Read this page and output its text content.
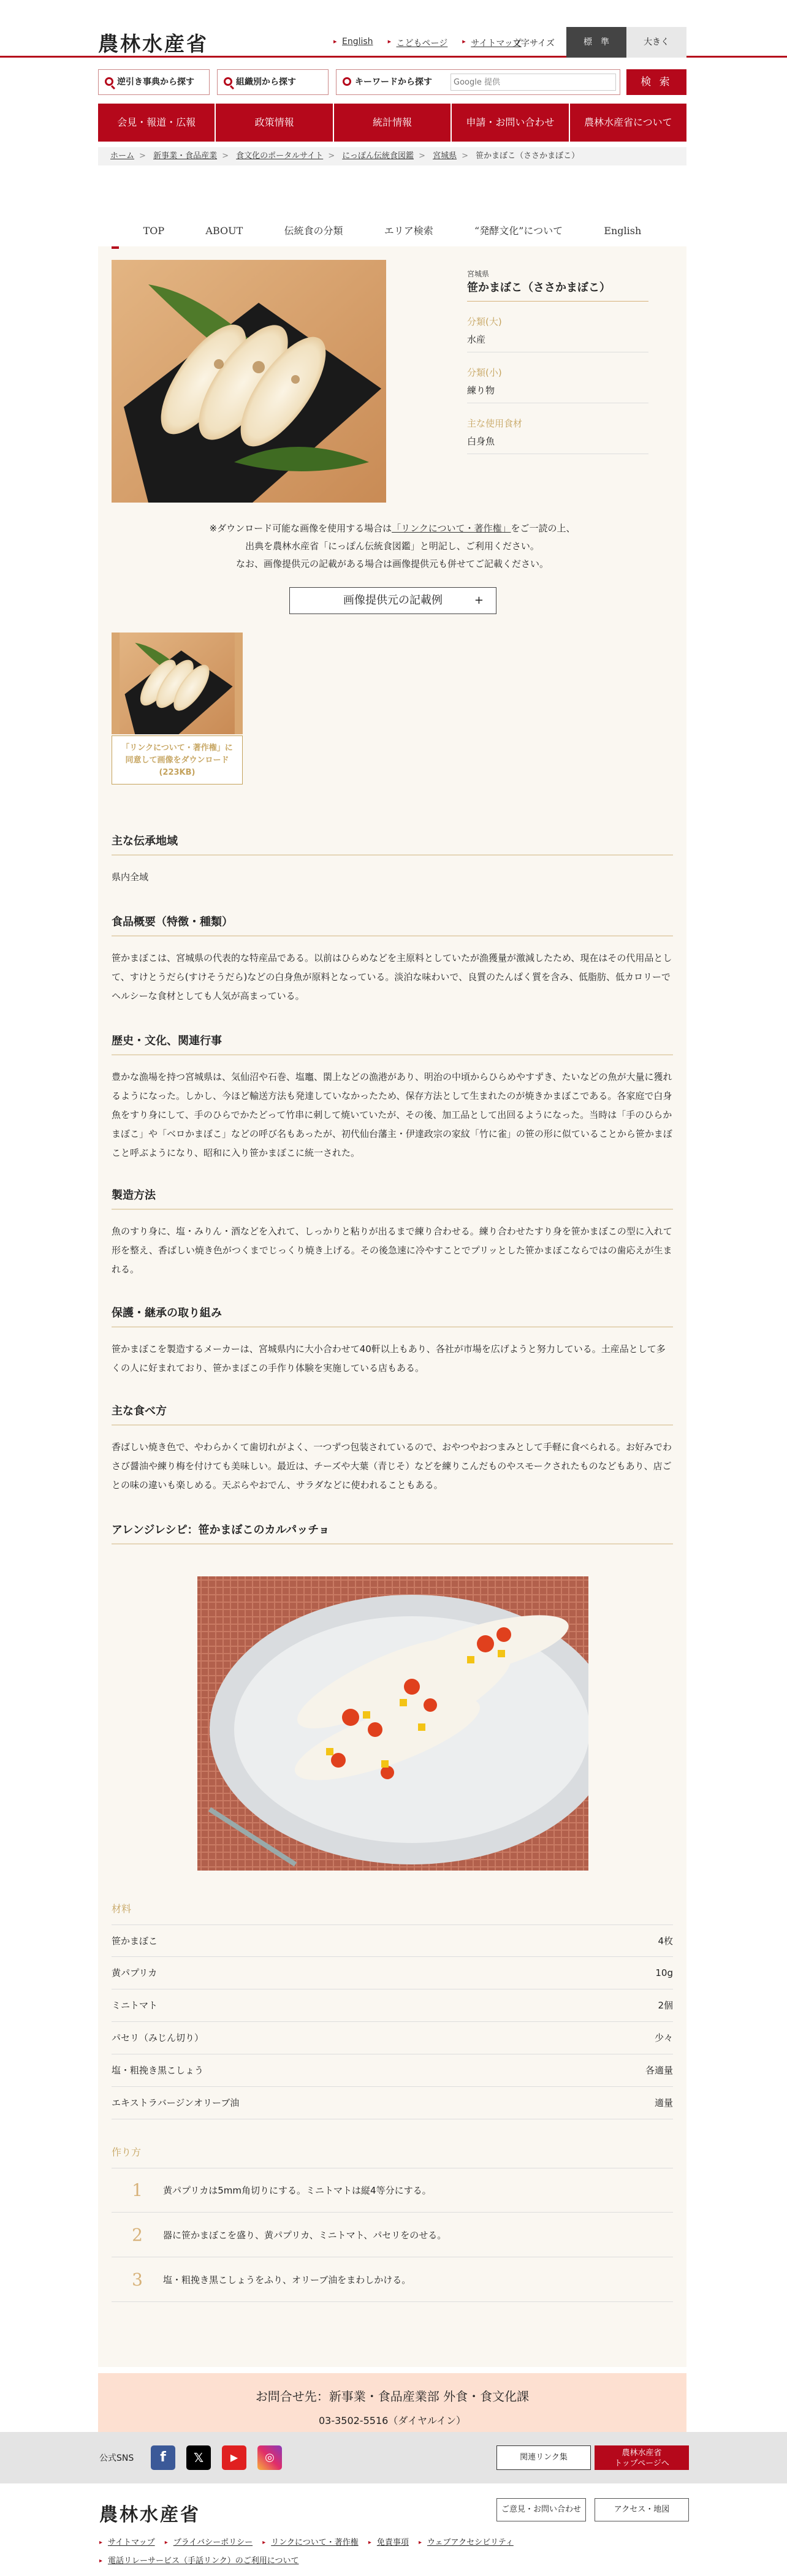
農林水産省	▸ English	▸ こどもページ	▸ サイトマップ
文字サイズ	標　準	大きく
逆引き事典から探す	組織別から探す	キーワードから探す
Google 提供	検 索
会見・報道・広報	政策情報	統計情報	申請・お問い合わせ	農林水産省について
ホーム > 新事業・食品産業 > 食文化のポータルサイト > にっぽん伝統食図鑑 > 宮城県 > 笹かまぼこ（ささかまぼこ）
TOP	ABOUT	伝統食の分類	エリア検索	“発酵文化”について	English
宮城県
笹かまぼこ（ささかまぼこ）
分類(大)
水産
分類(小)
練り物
主な使用食材
白身魚
※ダウンロード可能な画像を使用する場合は「リンクについて・著作権」をご一読の上、
出典を農林水産省「にっぽん伝統食図鑑」と明記し、ご利用ください。
なお、画像提供元の記載がある場合は画像提供元も併せてご記載ください。
画像提供元の記載例	+
「リンクについて・著作権」に
同意して画像をダウンロード
(223KB)
主な伝承地域

県内全域

食品概要（特徴・種類）

笹かまぼこは、宮城県の代表的な特産品である。以前はひらめなどを主原料としていたが漁獲量が激減したため、現在はその代用品として、すけとうだら(すけそうだら)などの白身魚が原料となっている。淡泊な味わいで、良質のたんぱく質を含み、低脂肪、低カロリーでヘルシーな食材としても人気が高まっている。

歴史・文化、関連行事

豊かな漁場を持つ宮城県は、気仙沼や石巻、塩竈、閖上などの漁港があり、明治の中頃からひらめやすずき、たいなどの魚が大量に獲れるようになった。しかし、今ほど輸送方法も発達していなかったため、保存方法として生まれたのが焼きかまぼこである。各家庭で白身魚をすり身にして、手のひらでかたどって竹串に刺して焼いていたが、その後、加工品として出回るようになった。当時は「手のひらかまぼこ」や「ベロかまぼこ」などの呼び名もあったが、初代仙台藩主・伊達政宗の家紋「竹に雀」の笹の形に似ていることから笹かまぼこと呼ぶようになり、昭和に入り笹かまぼこに統一された。

製造方法

魚のすり身に、塩・みりん・酒などを入れて、しっかりと粘りが出るまで練り合わせる。練り合わせたすり身を笹かまぼこの型に入れて形を整え、香ばしい焼き色がつくまでじっくり焼き上げる。その後急速に冷やすことでプリッとした笹かまぼこならではの歯応えが生まれる。

保護・継承の取り組み

笹かまぼこを製造するメーカーは、宮城県内に大小合わせて40軒以上もあり、各社が市場を広げようと努力している。土産品として多くの人に好まれており、笹かまぼこの手作り体験を実施している店もある。

主な食べ方

香ばしい焼き色で、やわらかくて歯切れがよく、一つずつ包装されているので、おやつやおつまみとして手軽に食べられる。お好みでわさび醤油や練り梅を付けても美味しい。最近は、チーズや大葉（青じそ）などを練りこんだものやスモークされたものなどもあり、店ごとの味の違いも楽しめる。天ぷらやおでん、サラダなどに使われることもある。

アレンジレシピ：笹かまぼこのカルパッチョ
材料
笹かまぼこ	4枚
黄パプリカ	10g
ミニトマト	2個
パセリ（みじん切り）	少々
塩・粗挽き黒こしょう	各適量
エキストラバージンオリーブ油	適量
作り方
1	黄パプリカは5mm角切りにする。ミニトマトは縦4等分にする。
2	器に笹かまぼこを盛り、黄パプリカ、ミニトマト、パセリをのせる。
3	塩・粗挽き黒こしょうをふり、オリーブ油をまわしかける。
お問合せ先：新事業・食品産業部 外食・食文化課
03-3502-5516（ダイヤルイン）
公式SNS	f	𝕏	▶	◎	関連リンク集	農林水産省
トップページへ
農林水産省	ご意見・お問い合わせ	アクセス・地図
▸ サイトマップ ▸ プライバシーポリシー ▸ リンクについて・著作権 ▸ 免責事項 ▸ ウェブアクセシビリティ
▸ 電話リレーサービス（手話リンク）のご利用について
